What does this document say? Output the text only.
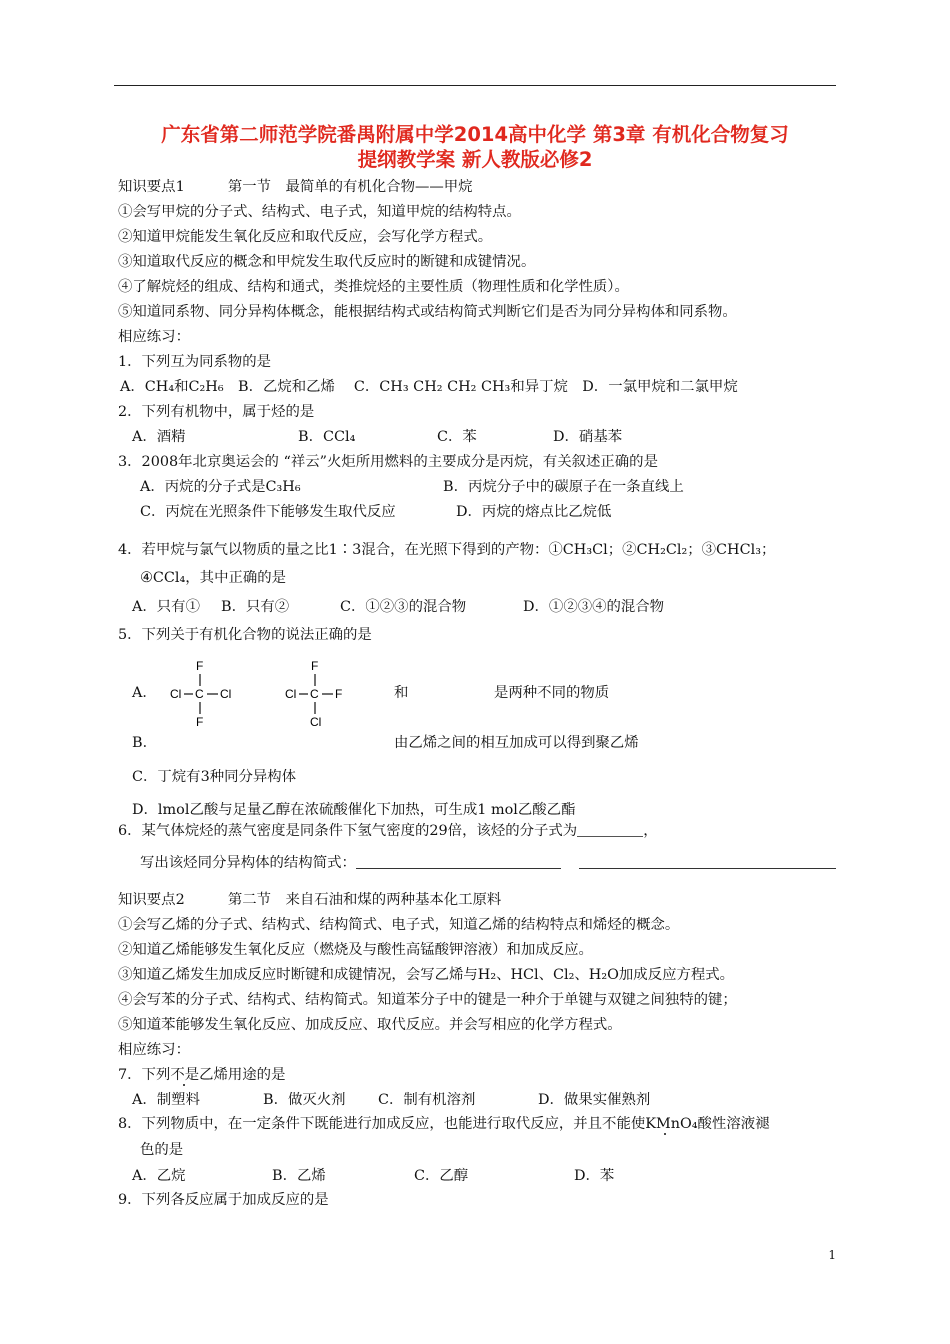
广东省第二师范学院番禺附属中学2014高中化学 第3章 有机化合物复习
提纲教学案 新人教版必修2
知识要点1　　　第一节　最简单的有机化合物——甲烷
①会写甲烷的分子式、结构式、电子式，知道甲烷的结构特点。
②知道甲烷能发生氧化反应和取代反应，会写化学方程式。
③知道取代反应的概念和甲烷发生取代反应时的断键和成键情况。
④了解烷烃的组成、结构和通式，类推烷烃的主要性质（物理性质和化学性质）。
⑤知道同系物、同分异构体概念，能根据结构式或结构简式判断它们是否为同分异构体和同系物。
相应练习：
1．下列互为同系物的是
A．CH₄和C₂H₆　B．乙烷和乙烯　 C．CH₃ CH₂ CH₂ CH₃和异丁烷　D．一氯甲烷和二氯甲烷
2．下列有机物中，属于烃的是
A．酒精	B．CCl₄	C．苯	D．硝基苯
3．2008年北京奥运会的 “祥云”火炬所用燃料的主要成分是丙烷，有关叙述正确的是
A．丙烷的分子式是C₃H₆	B．丙烷分子中的碳原子在一条直线上
C．丙烷在光照条件下能够发生取代反应	D．丙烷的熔点比乙烷低
4．若甲烷与氯气以物质的量之比1∶3混合，在光照下得到的产物：①CH₃Cl；②CH₂Cl₂；③CHCl₃；
④CCl₄，其中正确的是
A．只有① B．只有②	C．①②③的混合物	D．①②③④的混合物
5．下列关于有机化合物的说法正确的是
A．
F
Cl C Cl
F
F
Cl C F
Cl
和	是两种不同的物质
B．	由乙烯之间的相互加成可以得到聚乙烯
C．丁烷有3种同分异构体
D．lmol乙酸与足量乙醇在浓硫酸催化下加热，可生成1 mol乙酸乙酯
6．某气体烷烃的蒸气密度是同条件下氢气密度的29倍，该烃的分子式为	，
写出该烃同分异构体的结构简式：
知识要点2　　　第二节　来自石油和煤的两种基本化工原料
①会写乙烯的分子式、结构式、结构简式、电子式，知道乙烯的结构特点和烯烃的概念。
②知道乙烯能够发生氧化反应（燃烧及与酸性高锰酸钾溶液）和加成反应。
③知道乙烯发生加成反应时断键和成键情况，会写乙烯与H₂、HCl、Cl₂、H₂O加成反应方程式。
④会写苯的分子式、结构式、结构简式。知道苯分子中的键是一种介于单键与双键之间独特的键；
⑤知道苯能够发生氧化反应、加成反应、取代反应。并会写相应的化学方程式。
相应练习：
7．下列不是乙烯用途的是
A．制塑料	B．做灭火剂 C．制有机溶剂	D．做果实催熟剂
8．下列物质中，在一定条件下既能进行加成反应，也能进行取代反应，并且不能使KMnO₄酸性溶液褪
色的是
A．乙烷	B．乙烯	C．乙醇	D．苯
9．下列各反应属于加成反应的是
1
